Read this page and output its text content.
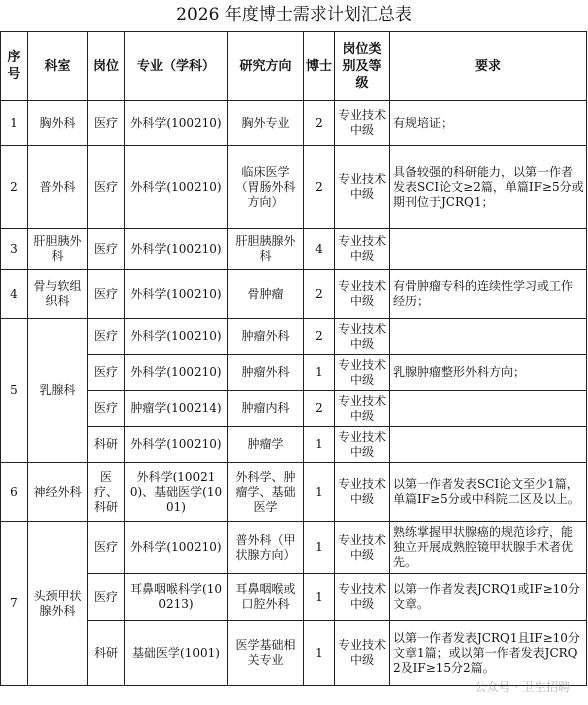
2026 年度博士需求计划汇总表
序号	科室	岗位	专业（学科）	研究方向	博士	岗位类别及等级	要求
1	胸外科	医疗	外科学(100210)	胸外专业	2	专业技术中级	有规培证；
2	普外科	医疗	外科学(100210)	临床医学（胃肠外科方向）	2	专业技术中级	具备较强的科研能力，以第一作者发表SCI论文≥2篇，单篇IF≥5分或期刊位于JCRQ1；
3	肝胆胰外科	医疗	外科学(100210)	肝胆胰腺外科	4	专业技术中级	
4	骨与软组织科	医疗	外科学(100210)	骨肿瘤	2	专业技术中级	有骨肿瘤专科的连续性学习或工作经历；
5	乳腺科	医疗	外科学(100210)	肿瘤外科	2	专业技术中级	
		医疗	外科学(100210)	肿瘤外科	1	专业技术中级	乳腺肿瘤整形外科方向；
		医疗	肿瘤学(100214)	肿瘤内科	2	专业技术中级	
		科研	外科学(100210)	肿瘤学	1	专业技术中级	
6	神经外科	医疗、科研	外科学(100210)、基础医学(1001)	外科学、肿瘤学、基础医学	1	专业技术中级	以第一作者发表SCI论文至少1篇，单篇IF≥5分或中科院二区及以上。
7	头颈甲状腺外科	医疗	外科学(100210)	普外科（甲状腺方向）	1	专业技术中级	熟练掌握甲状腺癌的规范诊疗，能独立开展成熟腔镜甲状腺手术者优先。
		医疗	耳鼻咽喉科学(100213)	耳鼻咽喉或口腔外科	1	专业技术中级	以第一作者发表JCRQ1或IF≥10分文章。
		科研	基础医学(1001)	医学基础相关专业	1	专业技术中级	以第一作者发表JCRQ1且IF≥10分文章1篇；或以第一作者发表JCRQ2及IF≥15分2篇。
公众号 · 卫生招聘
